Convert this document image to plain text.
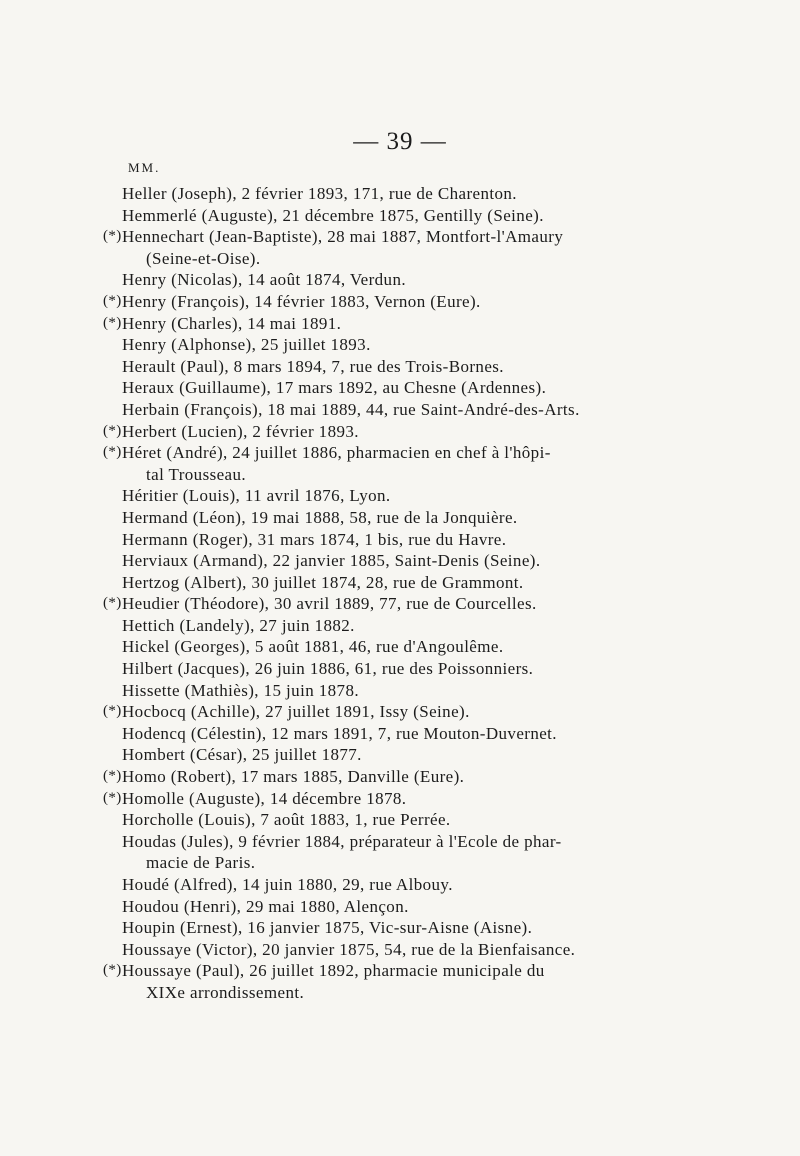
— 39 —
MM.
Heller (Joseph), 2 février 1893, 171, rue de Charenton.
Hemmerlé (Auguste), 21 décembre 1875, Gentilly (Seine).
(*) Hennechart (Jean-Baptiste), 28 mai 1887, Montfort-l'Amaury
(Seine-et-Oise).
Henry (Nicolas), 14 août 1874, Verdun.
(*) Henry (François), 14 février 1883, Vernon (Eure).
(*) Henry (Charles), 14 mai 1891.
Henry (Alphonse), 25 juillet 1893.
Herault (Paul), 8 mars 1894, 7, rue des Trois-Bornes.
Heraux (Guillaume), 17 mars 1892, au Chesne (Ardennes).
Herbain (François), 18 mai 1889, 44, rue Saint-André-des-Arts.
(*) Herbert (Lucien), 2 février 1893.
(*) Héret (André), 24 juillet 1886, pharmacien en chef à l'hôpi-
tal Trousseau.
Héritier (Louis), 11 avril 1876, Lyon.
Hermand (Léon), 19 mai 1888, 58, rue de la Jonquière.
Hermann (Roger), 31 mars 1874, 1 bis, rue du Havre.
Herviaux (Armand), 22 janvier 1885, Saint-Denis (Seine).
Hertzog (Albert), 30 juillet 1874, 28, rue de Grammont.
(*) Heudier (Théodore), 30 avril 1889, 77, rue de Courcelles.
Hettich (Landely), 27 juin 1882.
Hickel (Georges), 5 août 1881, 46, rue d'Angoulême.
Hilbert (Jacques), 26 juin 1886, 61, rue des Poissonniers.
Hissette (Mathiès), 15 juin 1878.
(*) Hocbocq (Achille), 27 juillet 1891, Issy (Seine).
Hodencq (Célestin), 12 mars 1891, 7, rue Mouton-Duvernet.
Hombert (César), 25 juillet 1877.
(*) Homo (Robert), 17 mars 1885, Danville (Eure).
(*) Homolle (Auguste), 14 décembre 1878.
Horcholle (Louis), 7 août 1883, 1, rue Perrée.
Houdas (Jules), 9 février 1884, préparateur à l'Ecole de phar-
macie de Paris.
Houdé (Alfred), 14 juin 1880, 29, rue Albouy.
Houdou (Henri), 29 mai 1880, Alençon.
Houpin (Ernest), 16 janvier 1875, Vic-sur-Aisne (Aisne).
Houssaye (Victor), 20 janvier 1875, 54, rue de la Bienfaisance.
(*) Houssaye (Paul), 26 juillet 1892, pharmacie municipale du
XIXe arrondissement.
